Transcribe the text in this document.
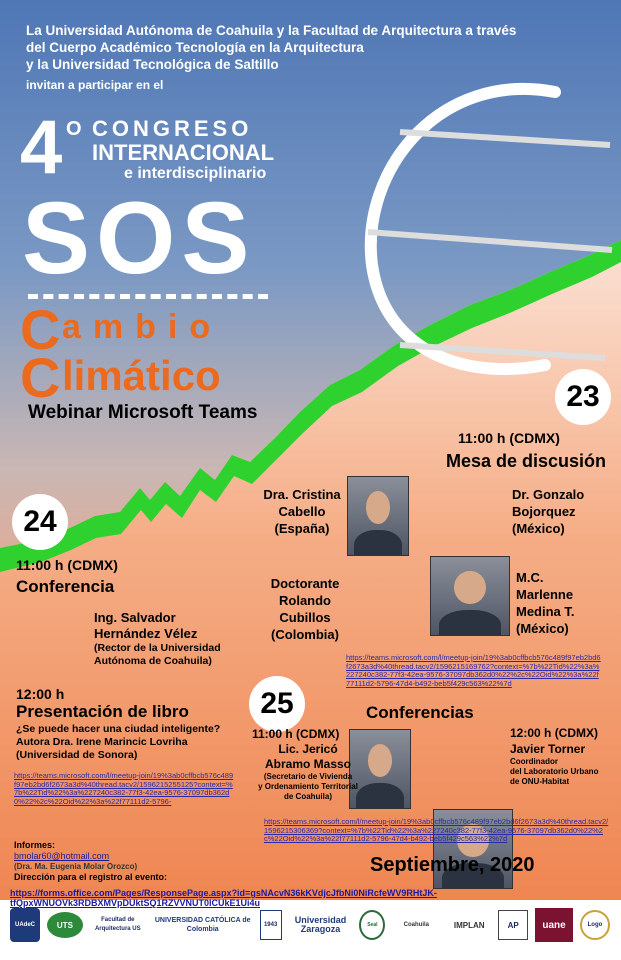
La Universidad Autónoma de Coahuila y la Facultad de Arquitectura a través
del Cuerpo Académico Tecnología en la Arquitectura
y la Universidad Tecnológica de Saltillo
invitan a participar en el
4 O CONGRESO
INTERNACIONAL
e interdisciplinario
SOS
C ambio
C limático
Webinar Microsoft Teams	23
11:00 h (CDMX)
Mesa de discusión
Dra. Cristina
Cabello
(España)
Dr. Gonzalo
Bojorquez
(México)
Doctorante
Rolando
Cubillos
(Colombia)
M.C.
Marlenne
Medina T.
(México)
https://teams.microsoft.com/l/meetup-join/19%3ab0cffbcb576c489f97eb2bd6f2673a3d%40thread.tacv2/1596215169762?context=%7b%22Tid%22%3a%227240c382-77f3-42ea-9576-37097db362d0%22%2c%22Oid%22%3a%22f77111d2-5796-47d4-b492-beb5f429c563%22%7d
24
11:00 h (CDMX)
Conferencia
Ing. Salvador
Hernández Vélez
(Rector de la Universidad
Autónoma de Coahuila)
12:00 h
Presentación de libro
¿Se puede hacer una ciudad inteligente?
Autora Dra. Irene Marincic Lovriha
(Universidad de Sonora)
https://teams.microsoft.com/l/meetup-join/19%3ab0cffbcb576c489f97eb2bd6f2673a3d%40thread.tacv2/1596215255125?context=%7b%22Tid%22%3a%227240c382-77f3-42ea-9576-37097db362d0%22%2c%22Oid%22%3a%22f77111d2-5796-
25	Conferencias
11:00 h (CDMX)
Lic. Jericó
Abramo Masso
(Secretario de Vivienda
y Ordenamiento Territorial
de Coahuila)
12:00 h (CDMX)
Javier Torner
Coordinador
del Laboratorio Urbano
de ONU-Habitat
https://teams.microsoft.com/l/meetup-join/19%3ab0cffbcb576c489f97eb2bd6f2673a3d%40thread.tacv2/1596215306369?context=%7b%22Tid%22%3a%227240c382-77f3-42ea-9576-37097db362d0%22%2c%22Oid%22%3a%22f77111d2-5796-47d4-b492-beb5f429c563%22%7d
Informes:
bmolar60@hotmail.com
(Dra. Ma. Eugenia Molar Orozco)
Dirección para el registro al evento:
Septiembre, 2020
https://forms.office.com/Pages/ResponsePage.aspx?id=gsNAcvN36kKVdjcJfbNi0NiRcfeWV9RHtJK-tfQpxWNUOVk3RDBXMVpDUktSQ1RZVVNUT0lCUkE1Ui4u
UAdeC	UTS
Facultad de Arquitectura US
UNIVERSIDAD CATÓLICA de Colombia
1943	Universidad Zaragoza	Seal	Coahuila	IMPLAN	AP uane	Logo
